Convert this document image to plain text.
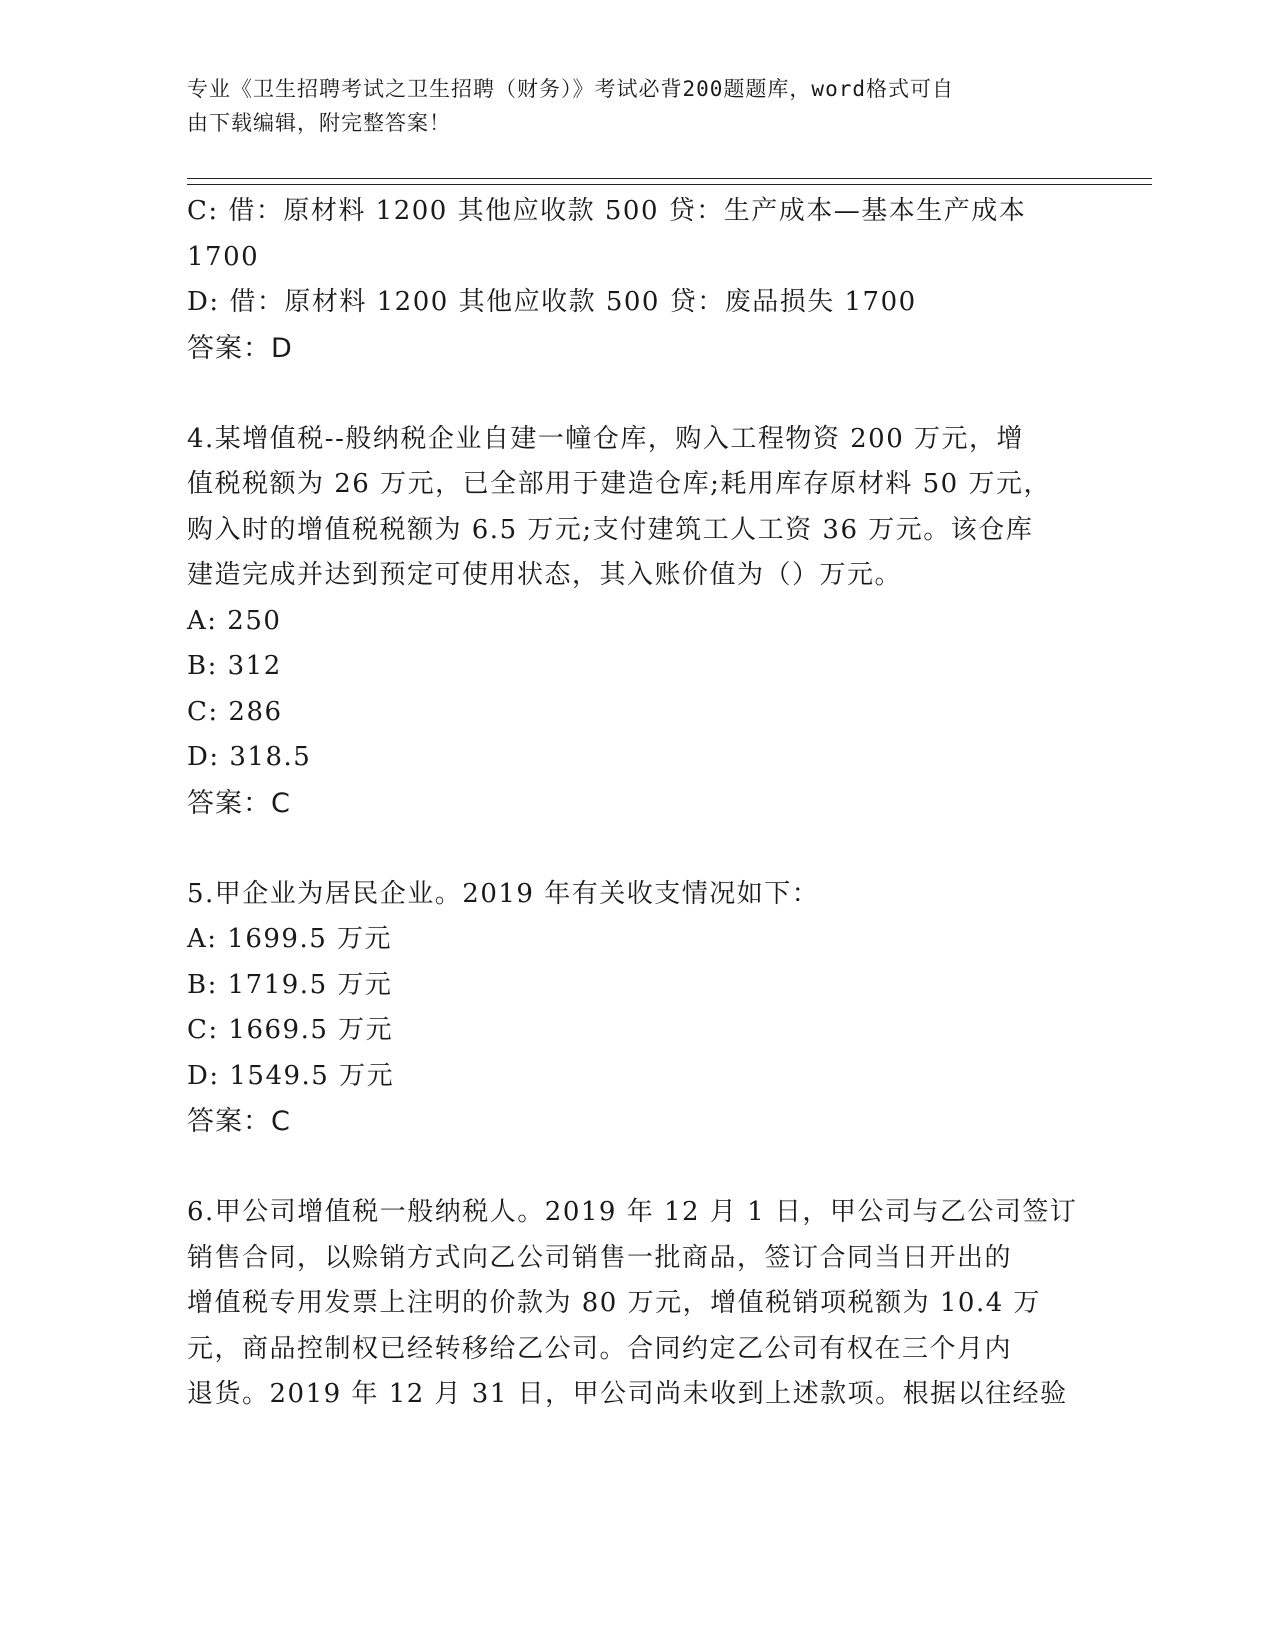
专业《卫生招聘考试之卫生招聘（财务）》考试必背200题题库，word格式可自
由下载编辑，附完整答案！
C: 借：原材料 1200 其他应收款 500 贷：生产成本—基本生产成本
1700
D: 借：原材料 1200 其他应收款 500 贷：废品损失 1700
答案：D
4.某增值税--般纳税企业自建一幢仓库，购入工程物资 200 万元，增
值税税额为 26 万元，已全部用于建造仓库;耗用库存原材料 50 万元，
购入时的增值税税额为 6.5 万元;支付建筑工人工资 36 万元。该仓库
建造完成并达到预定可使用状态，其入账价值为（）万元。
A: 250
B: 312
C: 286
D: 318.5
答案：C
5.甲企业为居民企业。2019 年有关收支情况如下：
A: 1699.5 万元
B: 1719.5 万元
C: 1669.5 万元
D: 1549.5 万元
答案：C
6.甲公司增值税一般纳税人。2019 年 12 月 1 日，甲公司与乙公司签订
销售合同，以赊销方式向乙公司销售一批商品，签订合同当日开出的
增值税专用发票上注明的价款为 80 万元，增值税销项税额为 10.4 万
元，商品控制权已经转移给乙公司。合同约定乙公司有权在三个月内
退货。2019 年 12 月 31 日，甲公司尚未收到上述款项。根据以往经验
